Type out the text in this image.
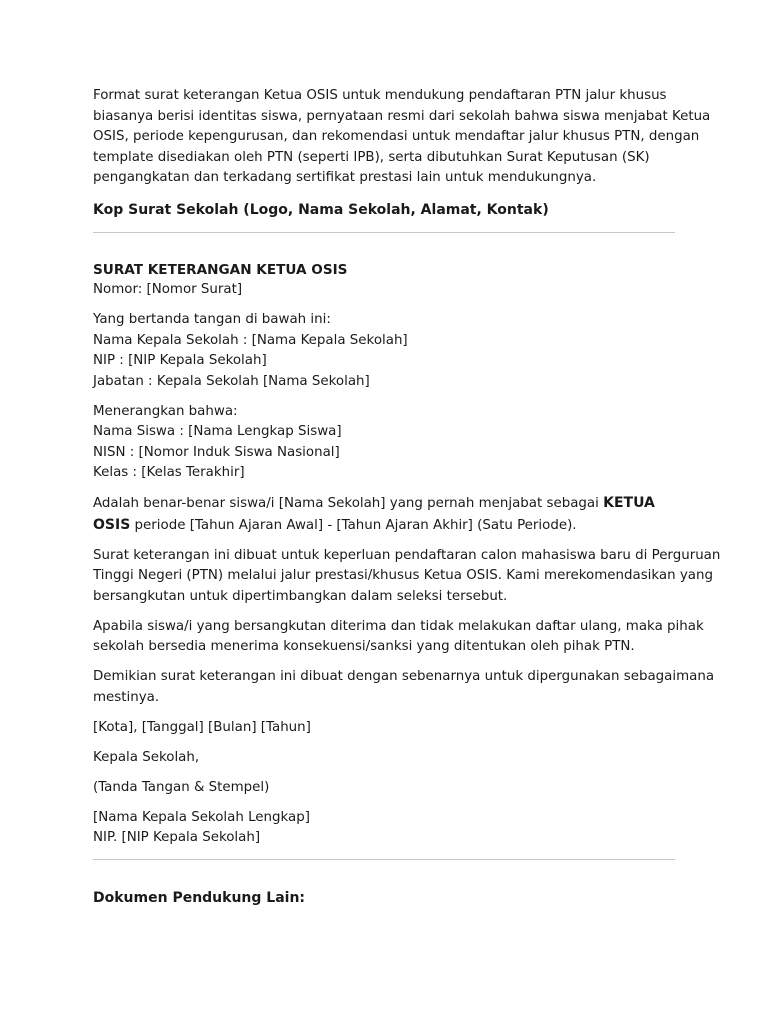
Format surat keterangan Ketua OSIS untuk mendukung pendaftaran PTN jalur khusus

biasanya berisi identitas siswa, pernyataan resmi dari sekolah bahwa siswa menjabat Ketua

OSIS, periode kepengurusan, dan rekomendasi untuk mendaftar jalur khusus PTN, dengan

template disediakan oleh PTN (seperti IPB), serta dibutuhkan Surat Keputusan (SK)

pengangkatan dan terkadang sertifikat prestasi lain untuk mendukungnya.

Kop Surat Sekolah (Logo, Nama Sekolah, Alamat, Kontak)

SURAT KETERANGAN KETUA OSIS

Nomor: [Nomor Surat]

Yang bertanda tangan di bawah ini:

Nama Kepala Sekolah : [Nama Kepala Sekolah]

NIP : [NIP Kepala Sekolah]

Jabatan : Kepala Sekolah [Nama Sekolah]

Menerangkan bahwa:

Nama Siswa : [Nama Lengkap Siswa]

NISN : [Nomor Induk Siswa Nasional]

Kelas : [Kelas Terakhir]

Adalah benar-benar siswa/i [Nama Sekolah] yang pernah menjabat sebagai KETUA

OSIS periode [Tahun Ajaran Awal] - [Tahun Ajaran Akhir] (Satu Periode).

Surat keterangan ini dibuat untuk keperluan pendaftaran calon mahasiswa baru di Perguruan

Tinggi Negeri (PTN) melalui jalur prestasi/khusus Ketua OSIS. Kami merekomendasikan yang

bersangkutan untuk dipertimbangkan dalam seleksi tersebut.

Apabila siswa/i yang bersangkutan diterima dan tidak melakukan daftar ulang, maka pihak

sekolah bersedia menerima konsekuensi/sanksi yang ditentukan oleh pihak PTN.

Demikian surat keterangan ini dibuat dengan sebenarnya untuk dipergunakan sebagaimana

mestinya.

[Kota], [Tanggal] [Bulan] [Tahun]

Kepala Sekolah,

(Tanda Tangan & Stempel)

[Nama Kepala Sekolah Lengkap]

NIP. [NIP Kepala Sekolah]

Dokumen Pendukung Lain:
